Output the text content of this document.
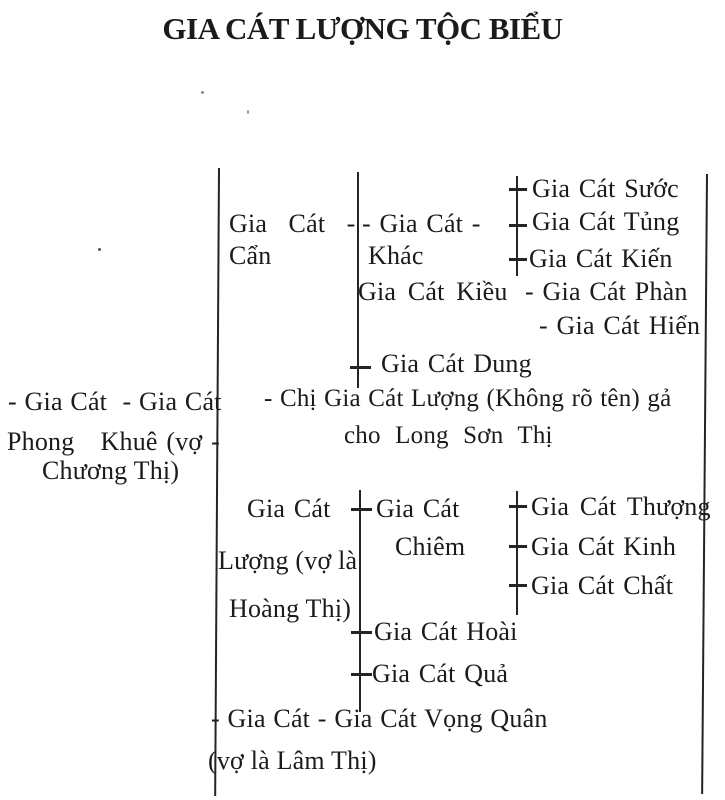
GIA CÁT LƯỢNG TỘC BIỂU
- Gia Cát  - Gia Cát
Phong   Khuê (vợ -
Chương Thị)
Gia  Cát  -
Cẩn
- Gia Cát -
Khác
Gia Cát Kiều
Gia Cát Dung
Gia Cát Sước
Gia Cát Tủng
Gia Cát Kiến
- Gia Cát Phàn
- Gia Cát Hiển
- Chị Gia Cát Lượng (Không rõ tên) gả
cho Long Sơn Thị
Gia Cát
Lượng (vợ là
Hoàng Thị)
Gia Cát
Chiêm
Gia Cát Hoài
Gia Cát Quả
Gia Cát Thượng
Gia Cát Kinh
Gia Cát Chất
- Gia Cát - Gia Cát Vọng Quân
(vợ là Lâm Thị)
